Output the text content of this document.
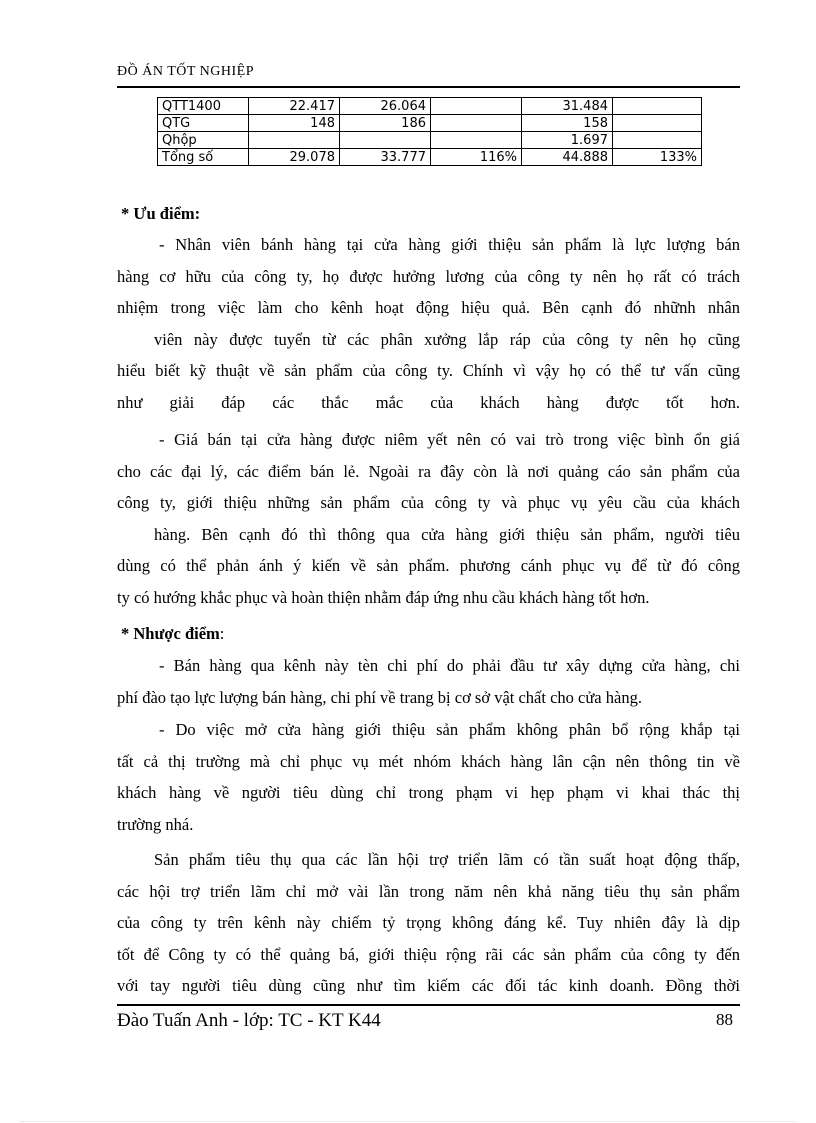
ĐỒ ÁN TỐT NGHIỆP
QTT1400	22.417	26.064		31.484	
QTG	148	186		158	
Qhộp				1.697	
Tổng số	29.078	33.777	116%	44.888	133%
* Ưu điểm:

- Nhân viên bánh hàng tại cửa hàng giới thiệu sản phẩm là lực lượng bán
hàng cơ hữu của công ty, họ được hưởng lương của công ty nên họ rất có trách
nhiệm trong việc làm cho kênh hoạt động hiệu quả. Bên cạnh đó nhữnh nhân
viên này được tuyển từ các phân xưởng lắp ráp của công ty nên họ cũng
hiểu biết kỹ thuật về sản phẩm của công ty. Chính vì vậy họ có thể tư vấn cũng
như giải đáp các thắc mắc của khách hàng được tốt hơn.

- Giá bán tại cửa hàng được niêm yết nên có vai trò trong việc bình ổn giá
cho các đại lý, các điểm bán lẻ. Ngoài ra đây còn là nơi quảng cáo sản phẩm của
công ty, giới thiệu những sản phẩm của công ty và phục vụ yêu cầu của khách
hàng. Bên cạnh đó thì thông qua cửa hàng giới thiệu sản phẩm, người tiêu
dùng có thể phản ánh ý kiến về sản phẩm. phương cánh phục vụ để từ đó công
ty có hướng khắc phục và hoàn thiện nhằm đáp ứng nhu cầu khách hàng tốt hơn.

* Nhược điểm:

- Bán hàng qua kênh này tèn chi phí do phải đầu tư xây dựng cửa hàng, chi
phí đào tạo lực lượng bán hàng, chi phí về trang bị cơ sở vật chất cho cửa hàng.

- Do việc mở cửa hàng giới thiệu sản phẩm không phân bổ rộng khắp tại
tất cả thị trường mà chỉ phục vụ mét nhóm khách hàng lân cận nên thông tin về
khách hàng về người tiêu dùng chỉ trong phạm vi hẹp phạm vi khai thác thị
trường nhá.

Sản phẩm tiêu thụ qua các lần hội trợ triển lãm có tần suất hoạt động thấp,
các hội trợ triển lãm chỉ mở vài lần trong năm nên khả năng tiêu thụ sản phẩm
của công ty trên kênh này chiếm tỷ trọng không đáng kể. Tuy nhiên đây là dịp
tốt để Công ty có thể quảng bá, giới thiệu rộng rãi các sản phẩm của công ty đến
với tay người tiêu dùng cũng như tìm kiếm các đối tác kinh doanh. Đồng thời

Đào Tuấn Anh - lớp: TC - KT K44	88
